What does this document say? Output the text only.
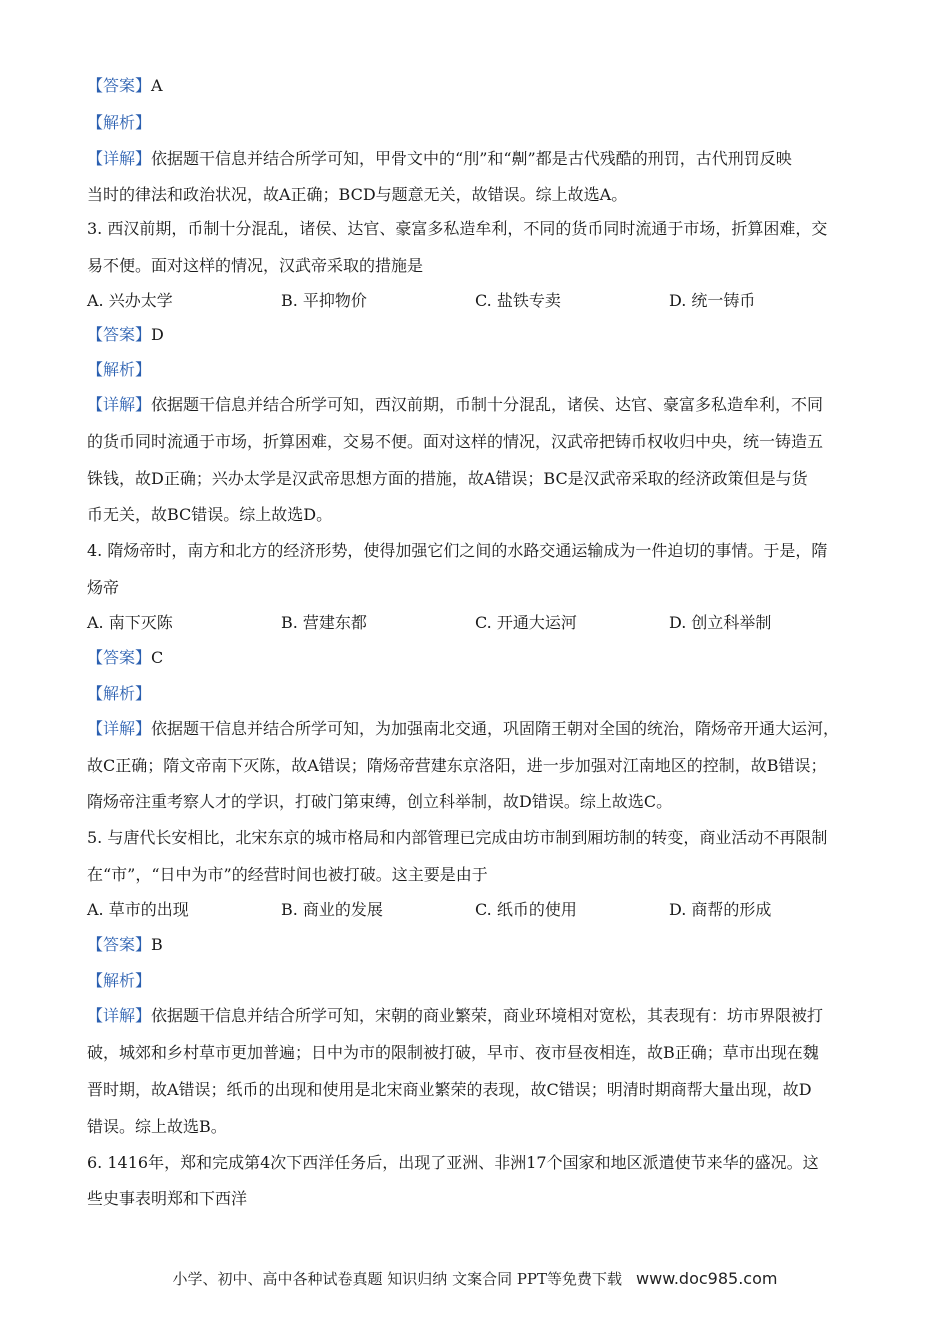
【答案】A
【解析】
【详解】依据题干信息并结合所学可知，甲骨文中的“刖”和“劓”都是古代残酷的刑罚，古代刑罚反映
当时的律法和政治状况，故A正确；BCD与题意无关，故错误。综上故选A。
3. 西汉前期，币制十分混乱，诸侯、达官、豪富多私造牟利，不同的货币同时流通于市场，折算困难，交
易不便。面对这样的情况，汉武帝采取的措施是
A. 兴办太学	B. 平抑物价	C. 盐铁专卖	D. 统一铸币
【答案】D
【解析】
【详解】依据题干信息并结合所学可知，西汉前期，币制十分混乱，诸侯、达官、豪富多私造牟利，不同
的货币同时流通于市场，折算困难，交易不便。面对这样的情况，汉武帝把铸币权收归中央，统一铸造五
铢钱，故D正确；兴办太学是汉武帝思想方面的措施，故A错误；BC是汉武帝采取的经济政策但是与货
币无关，故BC错误。综上故选D。
4. 隋炀帝时，南方和北方的经济形势，使得加强它们之间的水路交通运输成为一件迫切的事情。于是，隋
炀帝
A. 南下灭陈	B. 营建东都	C. 开通大运河	D. 创立科举制
【答案】C
【解析】
【详解】依据题干信息并结合所学可知，为加强南北交通，巩固隋王朝对全国的统治，隋炀帝开通大运河，
故C正确；隋文帝南下灭陈，故A错误；隋炀帝营建东京洛阳，进一步加强对江南地区的控制，故B错误；
隋炀帝注重考察人才的学识，打破门第束缚，创立科举制，故D错误。综上故选C。
5. 与唐代长安相比，北宋东京的城市格局和内部管理已完成由坊市制到厢坊制的转变，商业活动不再限制
在“市”，“日中为市”的经营时间也被打破。这主要是由于
A. 草市的出现	B. 商业的发展	C. 纸币的使用	D. 商帮的形成
【答案】B
【解析】
【详解】依据题干信息并结合所学可知，宋朝的商业繁荣，商业环境相对宽松，其表现有：坊市界限被打
破，城郊和乡村草市更加普遍；日中为市的限制被打破，早市、夜市昼夜相连，故B正确；草市出现在魏
晋时期，故A错误；纸币的出现和使用是北宋商业繁荣的表现，故C错误；明清时期商帮大量出现，故D
错误。综上故选B。
6. 1416年，郑和完成第4次下西洋任务后，出现了亚洲、非洲17个国家和地区派遣使节来华的盛况。这
些史事表明郑和下西洋
小学、初中、高中各种试卷真题 知识归纳 文案合同 PPT等免费下载 www.doc985.com
